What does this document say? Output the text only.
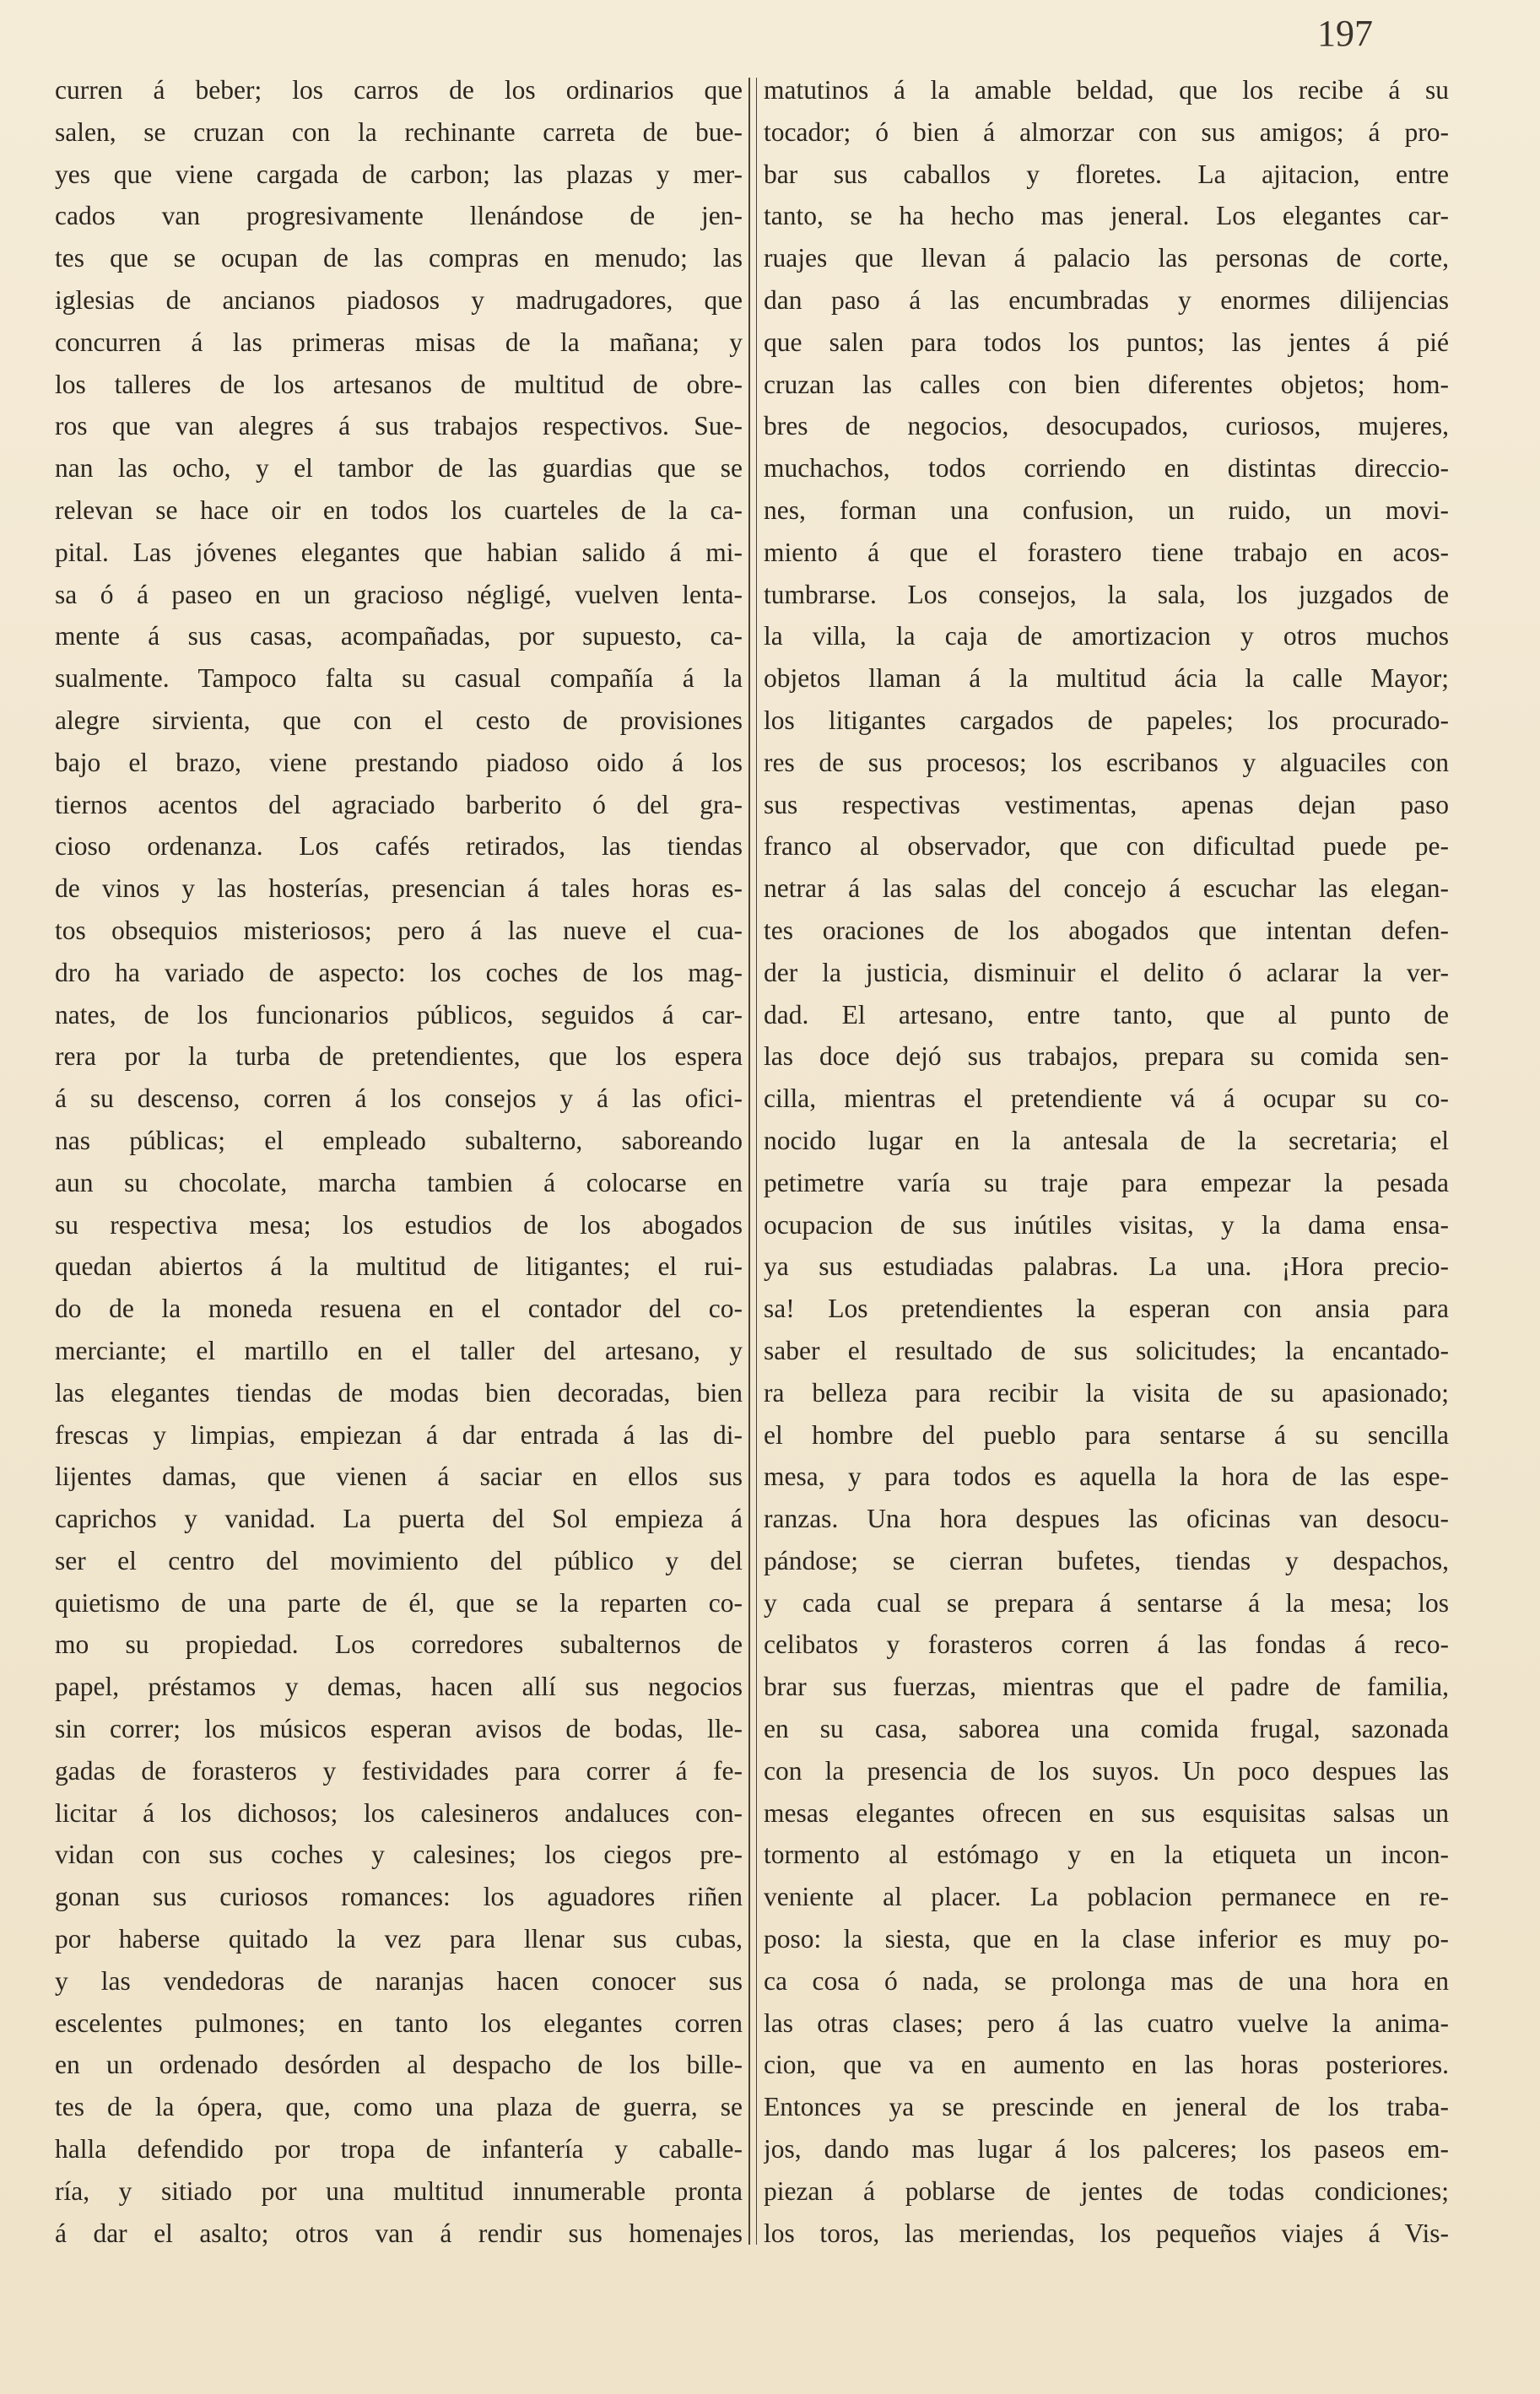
197
curren á beber; los carros de los ordinarios que
salen, se cruzan con la rechinante carreta de bue-
yes que viene cargada de carbon; las plazas y mer-
cados van progresivamente llenándose de jen-
tes que se ocupan de las compras en menudo; las
iglesias de ancianos piadosos y madrugadores, que
concurren á las primeras misas de la mañana; y
los talleres de los artesanos de multitud de obre-
ros que van alegres á sus trabajos respectivos. Sue-
nan las ocho, y el tambor de las guardias que se
relevan se hace oir en todos los cuarteles de la ca-
pital. Las jóvenes elegantes que habian salido á mi-
sa ó á paseo en un gracioso négligé, vuelven lenta-
mente á sus casas, acompañadas, por supuesto, ca-
sualmente. Tampoco falta su casual compañía á la
alegre sirvienta, que con el cesto de provisiones
bajo el brazo, viene prestando piadoso oido á los
tiernos acentos del agraciado barberito ó del gra-
cioso ordenanza. Los cafés retirados, las tiendas
de vinos y las hosterías, presencian á tales horas es-
tos obsequios misteriosos; pero á las nueve el cua-
dro ha variado de aspecto: los coches de los mag-
nates, de los funcionarios públicos, seguidos á car-
rera por la turba de pretendientes, que los espera
á su descenso, corren á los consejos y á las ofici-
nas públicas; el empleado subalterno, saboreando
aun su chocolate, marcha tambien á colocarse en
su respectiva mesa; los estudios de los abogados
quedan abiertos á la multitud de litigantes; el rui-
do de la moneda resuena en el contador del co-
merciante; el martillo en el taller del artesano, y
las elegantes tiendas de modas bien decoradas, bien
frescas y limpias, empiezan á dar entrada á las di-
lijentes damas, que vienen á saciar en ellos sus
caprichos y vanidad. La puerta del Sol empieza á
ser el centro del movimiento del público y del
quietismo de una parte de él, que se la reparten co-
mo su propiedad. Los corredores subalternos de
papel, préstamos y demas, hacen allí sus negocios
sin correr; los músicos esperan avisos de bodas, lle-
gadas de forasteros y festividades para correr á fe-
licitar á los dichosos; los calesineros andaluces con-
vidan con sus coches y calesines; los ciegos pre-
gonan sus curiosos romances: los aguadores riñen
por haberse quitado la vez para llenar sus cubas,
y las vendedoras de naranjas hacen conocer sus
escelentes pulmones; en tanto los elegantes corren
en un ordenado desórden al despacho de los bille-
tes de la ópera, que, como una plaza de guerra, se
halla defendido por tropa de infantería y caballe-
ría, y sitiado por una multitud innumerable pronta
á dar el asalto; otros van á rendir sus homenajes
matutinos á la amable beldad, que los recibe á su
tocador; ó bien á almorzar con sus amigos; á pro-
bar sus caballos y floretes. La ajitacion, entre
tanto, se ha hecho mas jeneral. Los elegantes car-
ruajes que llevan á palacio las personas de corte,
dan paso á las encumbradas y enormes dilijencias
que salen para todos los puntos; las jentes á pié
cruzan las calles con bien diferentes objetos; hom-
bres de negocios, desocupados, curiosos, mujeres,
muchachos, todos corriendo en distintas direccio-
nes, forman una confusion, un ruido, un movi-
miento á que el forastero tiene trabajo en acos-
tumbrarse. Los consejos, la sala, los juzgados de
la villa, la caja de amortizacion y otros muchos
objetos llaman á la multitud ácia la calle Mayor;
los litigantes cargados de papeles; los procurado-
res de sus procesos; los escribanos y alguaciles con
sus respectivas vestimentas, apenas dejan paso
franco al observador, que con dificultad puede pe-
netrar á las salas del concejo á escuchar las elegan-
tes oraciones de los abogados que intentan defen-
der la justicia, disminuir el delito ó aclarar la ver-
dad. El artesano, entre tanto, que al punto de
las doce dejó sus trabajos, prepara su comida sen-
cilla, mientras el pretendiente vá á ocupar su co-
nocido lugar en la antesala de la secretaria; el
petimetre varía su traje para empezar la pesada
ocupacion de sus inútiles visitas, y la dama ensa-
ya sus estudiadas palabras. La una. ¡Hora precio-
sa! Los pretendientes la esperan con ansia para
saber el resultado de sus solicitudes; la encantado-
ra belleza para recibir la visita de su apasionado;
el hombre del pueblo para sentarse á su sencilla
mesa, y para todos es aquella la hora de las espe-
ranzas. Una hora despues las oficinas van desocu-
pándose; se cierran bufetes, tiendas y despachos,
y cada cual se prepara á sentarse á la mesa; los
celibatos y forasteros corren á las fondas á reco-
brar sus fuerzas, mientras que el padre de familia,
en su casa, saborea una comida frugal, sazonada
con la presencia de los suyos. Un poco despues las
mesas elegantes ofrecen en sus esquisitas salsas un
tormento al estómago y en la etiqueta un incon-
veniente al placer. La poblacion permanece en re-
poso: la siesta, que en la clase inferior es muy po-
ca cosa ó nada, se prolonga mas de una hora en
las otras clases; pero á las cuatro vuelve la anima-
cion, que va en aumento en las horas posteriores.
Entonces ya se prescinde en jeneral de los traba-
jos, dando mas lugar á los palceres; los paseos em-
piezan á poblarse de jentes de todas condiciones;
los toros, las meriendas, los pequeños viajes á Vis-
